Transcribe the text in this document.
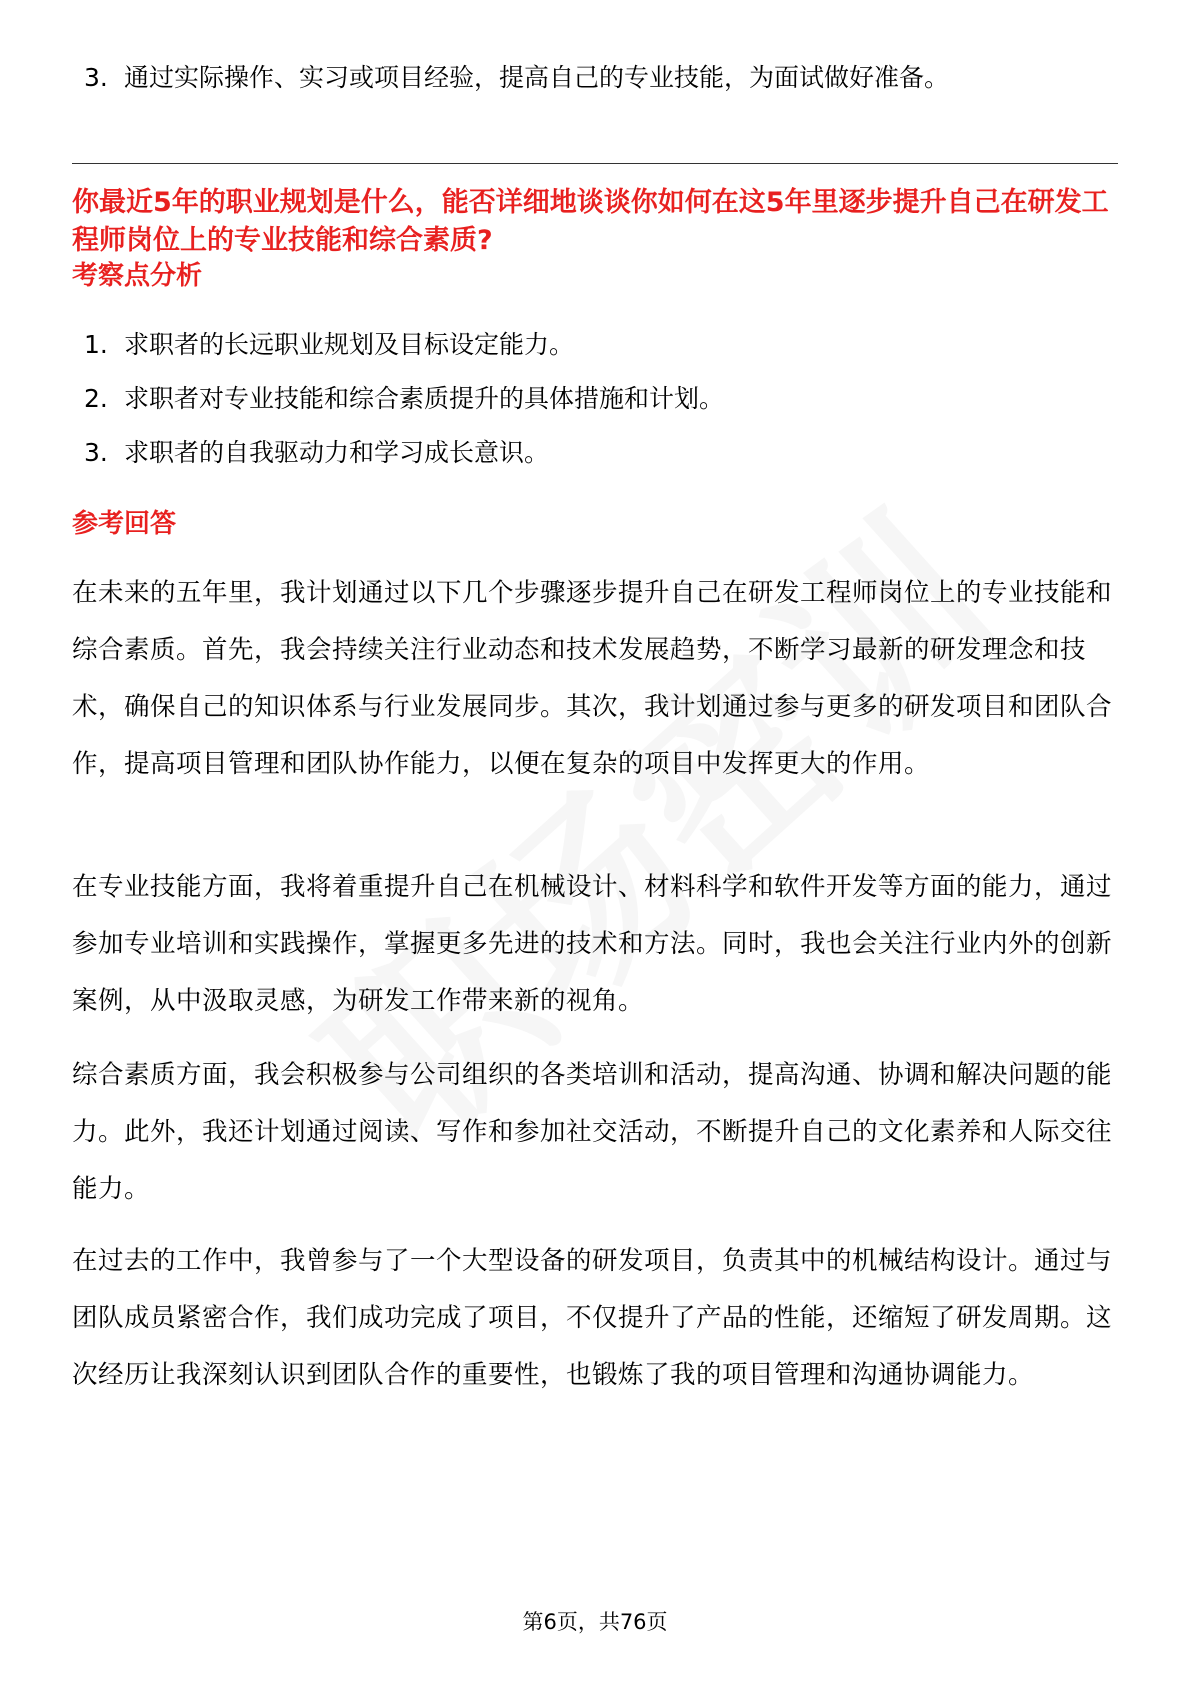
3. 通过实际操作、实习或项目经验，提高自己的专业技能，为面试做好准备。
你最近5年的职业规划是什么，能否详细地谈谈你如何在这5年里逐步提升自己在研发工程师岗位上的专业技能和综合素质?
考察点分析
1. 求职者的长远职业规划及目标设定能力。
2. 求职者对专业技能和综合素质提升的具体措施和计划。
3. 求职者的自我驱动力和学习成长意识。
参考回答
在未来的五年里，我计划通过以下几个步骤逐步提升自己在研发工程师岗位上的专业技能和综合素质。首先，我会持续关注行业动态和技术发展趋势，不断学习最新的研发理念和技术，确保自己的知识体系与行业发展同步。其次，我计划通过参与更多的研发项目和团队合作，提高项目管理和团队协作能力，以便在复杂的项目中发挥更大的作用。
在专业技能方面，我将着重提升自己在机械设计、材料科学和软件开发等方面的能力，通过参加专业培训和实践操作，掌握更多先进的技术和方法。同时，我也会关注行业内外的创新案例，从中汲取灵感，为研发工作带来新的视角。
综合素质方面，我会积极参与公司组织的各类培训和活动，提高沟通、协调和解决问题的能力。此外，我还计划通过阅读、写作和参加社交活动，不断提升自己的文化素养和人际交往能力。
在过去的工作中，我曾参与了一个大型设备的研发项目，负责其中的机械结构设计。通过与团队成员紧密合作，我们成功完成了项目，不仅提升了产品的性能，还缩短了研发周期。这次经历让我深刻认识到团队合作的重要性，也锻炼了我的项目管理和沟通协调能力。
第6页，共76页
